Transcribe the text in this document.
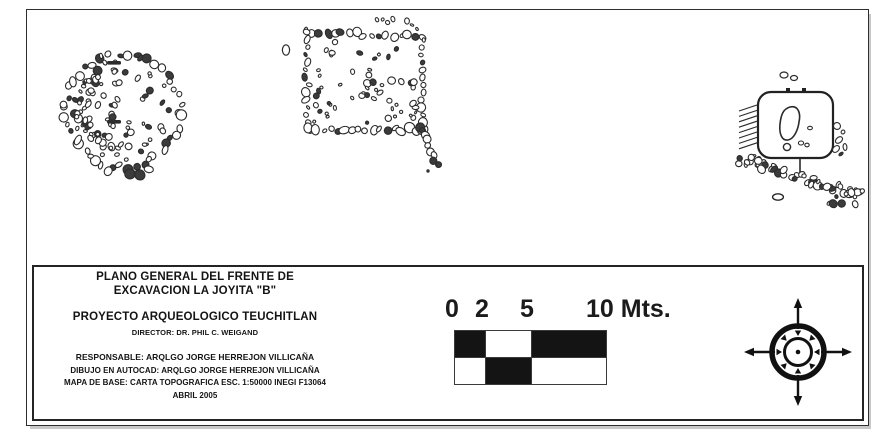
PLANO GENERAL DEL FRENTE DE
EXCAVACION LA JOYITA "B"
PROYECTO ARQUEOLOGICO TEUCHITLAN
DIRECTOR: DR. PHIL C. WEIGAND
RESPONSABLE: ARQLGO JORGE HERREJON VILLICAÑA
DIBUJO EN AUTOCAD: ARQLGO JORGE HERREJON VILLICAÑA
MAPA DE BASE: CARTA TOPOGRAFICA ESC. 1:50000 INEGI F13064
ABRIL 2005
0 2 5 10 Mts.
